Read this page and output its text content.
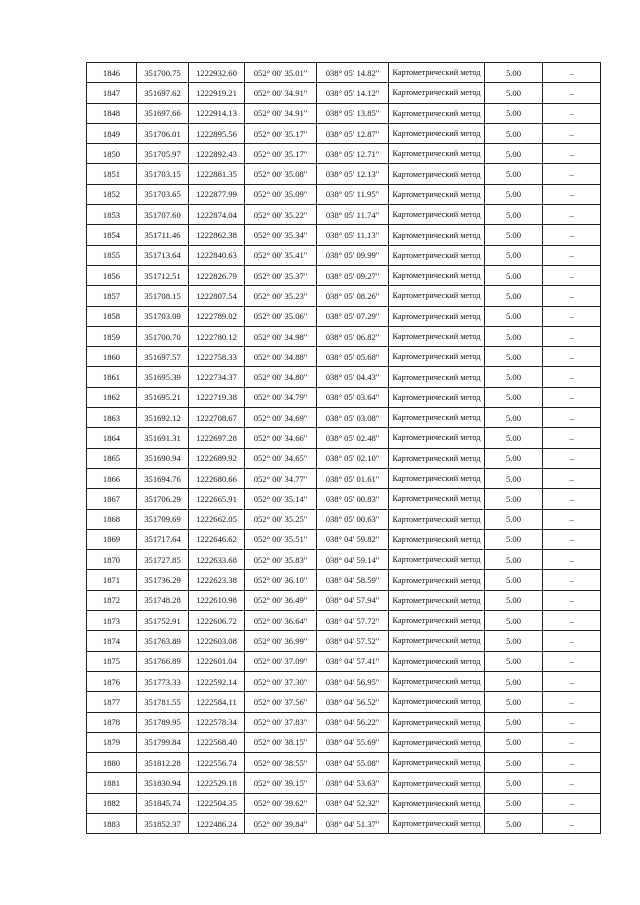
1846	351700.75	1222932.60	052° 00' 35.01"	038° 05' 14.82"	Картометрический метод	5.00	–
1847	351697.62	1222919.21	052° 00' 34.91"	038° 05' 14.12"	Картометрический метод	5.00	–
1848	351697.66	1222914.13	052° 00' 34.91"	038° 05' 13.85"	Картометрический метод	5.00	–
1849	351706.01	1222895.56	052° 00' 35.17"	038° 05' 12.87"	Картометрический метод	5.00	–
1850	351705.97	1222892.43	052° 00' 35.17"	038° 05' 12.71"	Картометрический метод	5.00	–
1851	351703.15	1222881.35	052° 00' 35.08"	038° 05' 12.13"	Картометрический метод	5.00	–
1852	351703.65	1222877.99	052° 00' 35.09"	038° 05' 11.95"	Картометрический метод	5.00	–
1853	351707.60	1222874.04	052° 00' 35.22"	038° 05' 11.74"	Картометрический метод	5.00	–
1854	351711.46	1222862.38	052° 00' 35.34"	038° 05' 11.13"	Картометрический метод	5.00	–
1855	351713.64	1222840.63	052° 00' 35.41"	038° 05' 09.99"	Картометрический метод	5.00	–
1856	351712.51	1222826.79	052° 00' 35.37"	038° 05' 09.27"	Картометрический метод	5.00	–
1857	351708.15	1222807.54	052° 00' 35.23"	038° 05' 08.26"	Картометрический метод	5.00	–
1858	351703.09	1222789.02	052° 00' 35.06"	038° 05' 07.29"	Картометрический метод	5.00	–
1859	351700.70	1222780.12	052° 00' 34.98"	038° 05' 06.82"	Картометрический метод	5.00	–
1860	351697.57	1222758.33	052° 00' 34.88"	038° 05' 05.68"	Картометрический метод	5.00	–
1861	351695.39	1222734.37	052° 00' 34.80"	038° 05' 04.43"	Картометрический метод	5.00	–
1862	351695.21	1222719.38	052° 00' 34.79"	038° 05' 03.64"	Картометрический метод	5.00	–
1863	351692.12	1222708.67	052° 00' 34.69"	038° 05' 03.08"	Картометрический метод	5.00	–
1864	351691.31	1222697.28	052° 00' 34.66"	038° 05' 02.48"	Картометрический метод	5.00	–
1865	351690.94	1222689.92	052° 00' 34.65"	038° 05' 02.10"	Картометрический метод	5.00	–
1866	351694.76	1222680.66	052° 00' 34.77"	038° 05' 01.61"	Картометрический метод	5.00	–
1867	351706.29	1222665.91	052° 00' 35.14"	038° 05' 00.83"	Картометрический метод	5.00	–
1868	351709.69	1222662.05	052° 00' 35.25"	038° 05' 00.63"	Картометрический метод	5.00	–
1869	351717.64	1222646.62	052° 00' 35.51"	038° 04' 59.82"	Картометрический метод	5.00	–
1870	351727.85	1222633.68	052° 00' 35.83"	038° 04' 59.14"	Картометрический метод	5.00	–
1871	351736.29	1222623.38	052° 00' 36.10"	038° 04' 58.59"	Картометрический метод	5.00	–
1872	351748.28	1222610.98	052° 00' 36.49"	038° 04' 57.94"	Картометрический метод	5.00	–
1873	351752.91	1222606.72	052° 00' 36.64"	038° 04' 57.72"	Картометрический метод	5.00	–
1874	351763.89	1222603.08	052° 00' 36.99"	038° 04' 57.52"	Картометрический метод	5.00	–
1875	351766.89	1222601.04	052° 00' 37.09"	038° 04' 57.41"	Картометрический метод	5.00	–
1876	351773.33	1222592.14	052° 00' 37.30"	038° 04' 56.95"	Картометрический метод	5.00	–
1877	351781.55	1222584.11	052° 00' 37.56"	038° 04' 56.52"	Картометрический метод	5.00	–
1878	351789.95	1222578.34	052° 00' 37.83"	038° 04' 56.22"	Картометрический метод	5.00	–
1879	351799.84	1222568.40	052° 00' 38.15"	038° 04' 55.69"	Картометрический метод	5.00	–
1880	351812.28	1222556.74	052° 00' 38.55"	038° 04' 55.08"	Картометрический метод	5.00	–
1881	351830.94	1222529.18	052° 00' 39.15"	038° 04' 53.63"	Картометрический метод	5.00	–
1882	351845.74	1222504.35	052° 00' 39.62"	038° 04' 52.32"	Картометрический метод	5.00	–
1883	351852.37	1222486.24	052° 00' 39.84"	038° 04' 51.37"	Картометрический метод	5.00	–
